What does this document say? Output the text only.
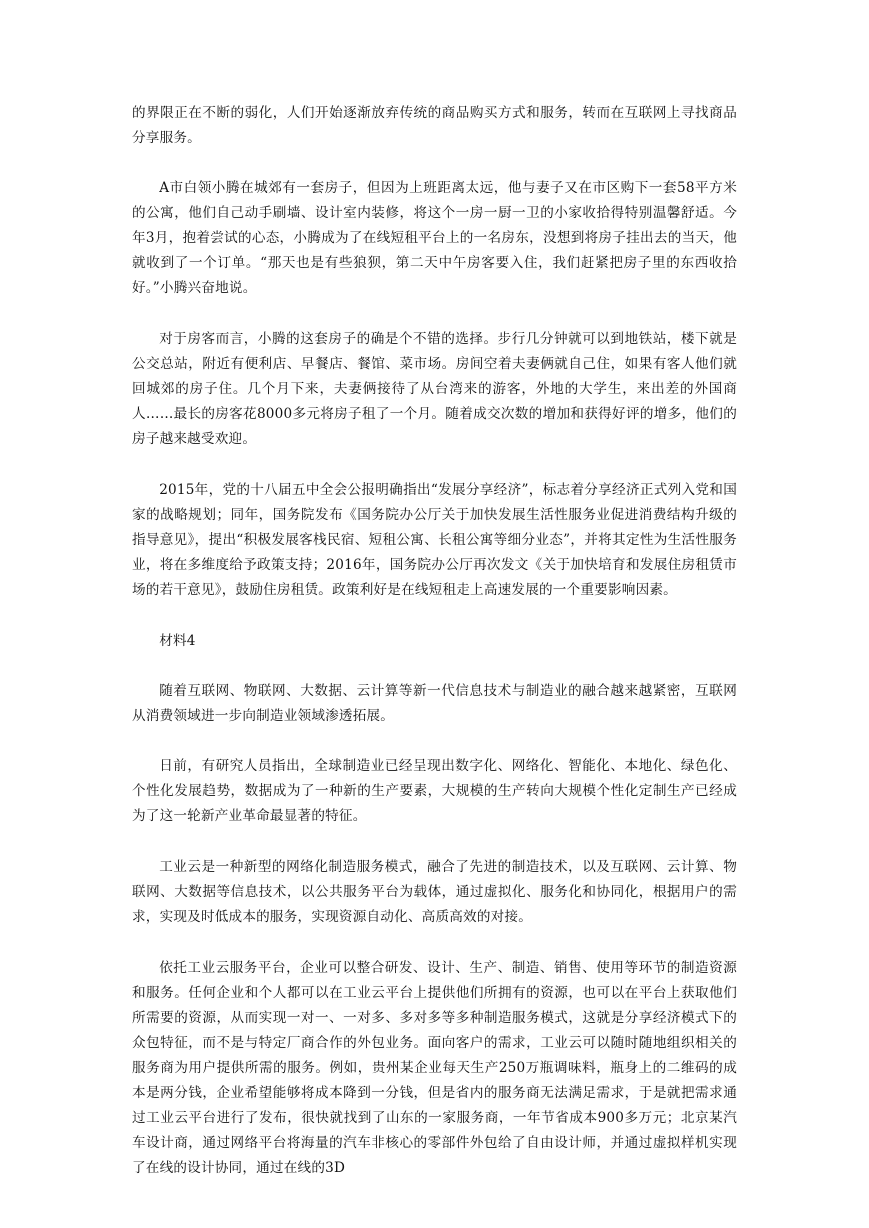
的界限正在不断的弱化，人们开始逐渐放弃传统的商品购买方式和服务，转而在互联网上寻找商品分享服务。

A市白领小腾在城郊有一套房子，但因为上班距离太远，他与妻子又在市区购下一套58平方米的公寓，他们自己动手刷墙、设计室内装修，将这个一房一厨一卫的小家收拾得特别温馨舒适。今年3月，抱着尝试的心态，小腾成为了在线短租平台上的一名房东，没想到将房子挂出去的当天，他就收到了一个订单。“那天也是有些狼狈，第二天中午房客要入住，我们赶紧把房子里的东西收拾好。”小腾兴奋地说。

对于房客而言，小腾的这套房子的确是个不错的选择。步行几分钟就可以到地铁站，楼下就是公交总站，附近有便利店、早餐店、餐馆、菜市场。房间空着夫妻俩就自己住，如果有客人他们就回城郊的房子住。几个月下来，夫妻俩接待了从台湾来的游客，外地的大学生，来出差的外国商人……最长的房客花8000多元将房子租了一个月。随着成交次数的增加和获得好评的增多，他们的房子越来越受欢迎。

2015年，党的十八届五中全会公报明确指出“发展分享经济”，标志着分享经济正式列入党和国家的战略规划；同年，国务院发布《国务院办公厅关于加快发展生活性服务业促进消费结构升级的指导意见》，提出“积极发展客栈民宿、短租公寓、长租公寓等细分业态”，并将其定性为生活性服务业，将在多维度给予政策支持；2016年，国务院办公厅再次发文《关于加快培育和发展住房租赁市场的若干意见》，鼓励住房租赁。政策利好是在线短租走上高速发展的一个重要影响因素。

材料4

随着互联网、物联网、大数据、云计算等新一代信息技术与制造业的融合越来越紧密，互联网从消费领域进一步向制造业领域渗透拓展。

日前，有研究人员指出，全球制造业已经呈现出数字化、网络化、智能化、本地化、绿色化、个性化发展趋势，数据成为了一种新的生产要素，大规模的生产转向大规模个性化定制生产已经成为了这一轮新产业革命最显著的特征。

工业云是一种新型的网络化制造服务模式，融合了先进的制造技术，以及互联网、云计算、物联网、大数据等信息技术，以公共服务平台为载体，通过虚拟化、服务化和协同化，根据用户的需求，实现及时低成本的服务，实现资源自动化、高质高效的对接。

依托工业云服务平台，企业可以整合研发、设计、生产、制造、销售、使用等环节的制造资源和服务。任何企业和个人都可以在工业云平台上提供他们所拥有的资源，也可以在平台上获取他们所需要的资源，从而实现一对一、一对多、多对多等多种制造服务模式，这就是分享经济模式下的众包特征，而不是与特定厂商合作的外包业务。面向客户的需求，工业云可以随时随地组织相关的服务商为用户提供所需的服务。例如，贵州某企业每天生产250万瓶调味料，瓶身上的二维码的成本是两分钱，企业希望能够将成本降到一分钱，但是省内的服务商无法满足需求，于是就把需求通过工业云平台进行了发布，很快就找到了山东的一家服务商，一年节省成本900多万元；北京某汽车设计商，通过网络平台将海量的汽车非核心的零部件外包给了自由设计师，并通过虚拟样机实现了在线的设计协同，通过在线的3D
